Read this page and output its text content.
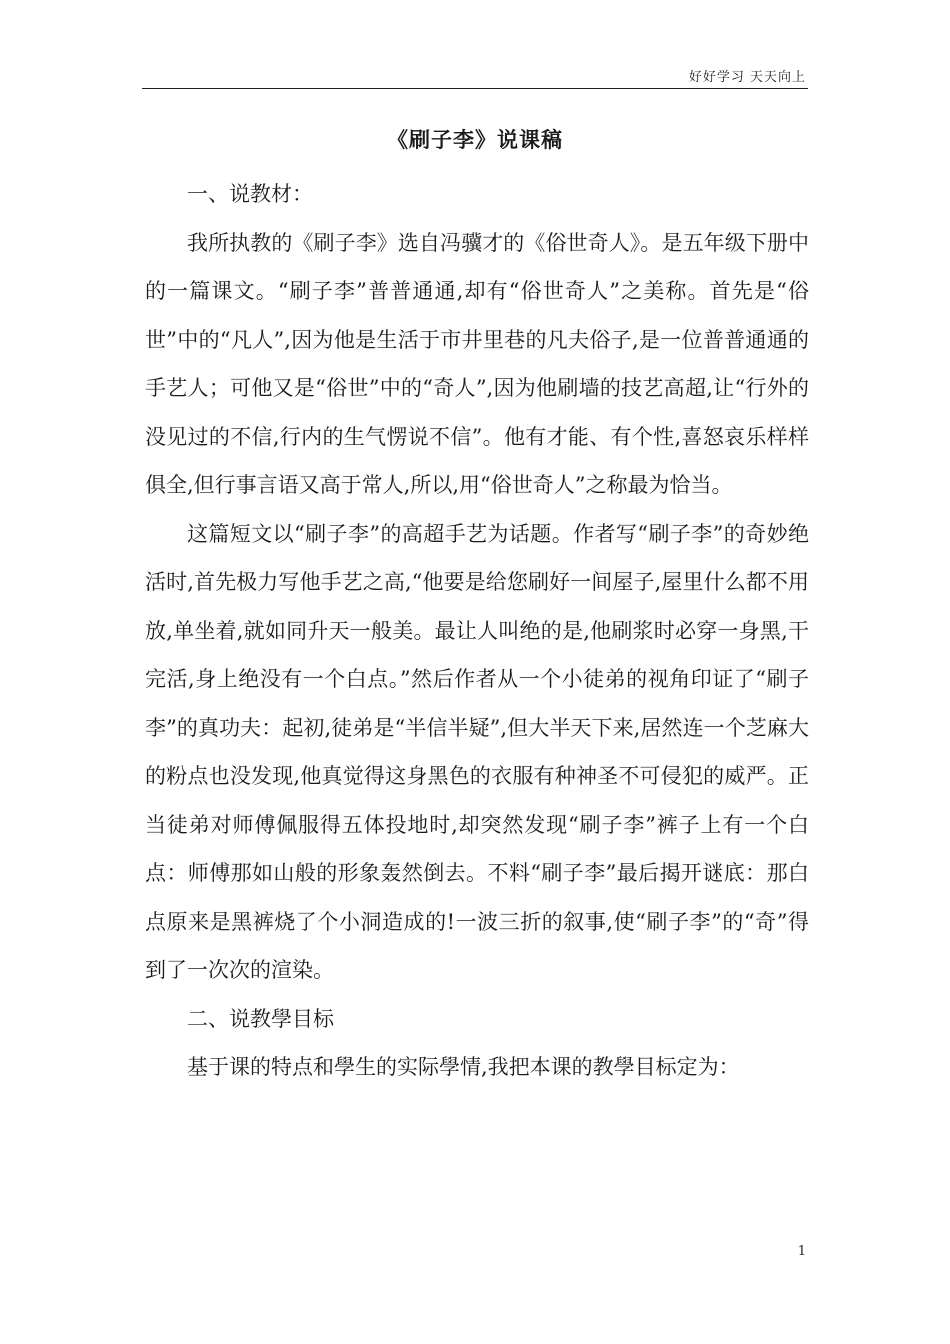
好好学习 天天向上
《刷子李》说课稿

一、说教材：

我所执教的《刷子李》选自冯骥才的《俗世奇人》。是五年级下册中的一篇课文。“刷子李”普普通通,却有“俗世奇人”之美称。首先是“俗世”中的“凡人”,因为他是生活于市井里巷的凡夫俗子,是一位普普通通的手艺人；可他又是“俗世”中的“奇人”,因为他刷墙的技艺高超,让“行外的没见过的不信,行内的生气愣说不信”。他有才能、有个性,喜怒哀乐样样俱全,但行事言语又高于常人,所以,用“俗世奇人”之称最为恰当。

这篇短文以“刷子李”的高超手艺为话题。作者写“刷子李”的奇妙绝活时,首先极力写他手艺之高,“他要是给您刷好一间屋子,屋里什么都不用放,单坐着,就如同升天一般美。最让人叫绝的是,他刷浆时必穿一身黑,干完活,身上绝没有一个白点。”然后作者从一个小徒弟的视角印证了“刷子李”的真功夫：起初,徒弟是“半信半疑”,但大半天下来,居然连一个芝麻大的粉点也没发现,他真觉得这身黑色的衣服有种神圣不可侵犯的威严。正当徒弟对师傅佩服得五体投地时,却突然发现“刷子李”裤子上有一个白点：师傅那如山般的形象轰然倒去。不料“刷子李”最后揭开谜底：那白点原来是黑裤烧了个小洞造成的!一波三折的叙事,使“刷子李”的“奇”得到了一次次的渲染。

二、说教學目标

基于课的特点和學生的实际學情,我把本课的教學目标定为：

1
